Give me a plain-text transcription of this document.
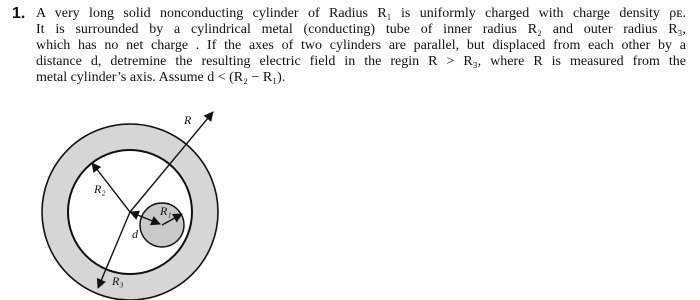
1. A very long solid nonconducting cylinder of Radius R₁ is uniformly charged with charge density ρᴇ.
It is surrounded by a cylindrical metal (conducting) tube of inner radius R₂ and outer radius R₃,
which has no net charge . If the axes of two cylinders are parallel, but displaced from each other by a
distance d, detremine the resulting electric field in the regin R > R₃, where R is measured from the
metal cylinder’s axis. Assume d < (R₂ − R₁).
R
R₂
R₁
d
R₃
